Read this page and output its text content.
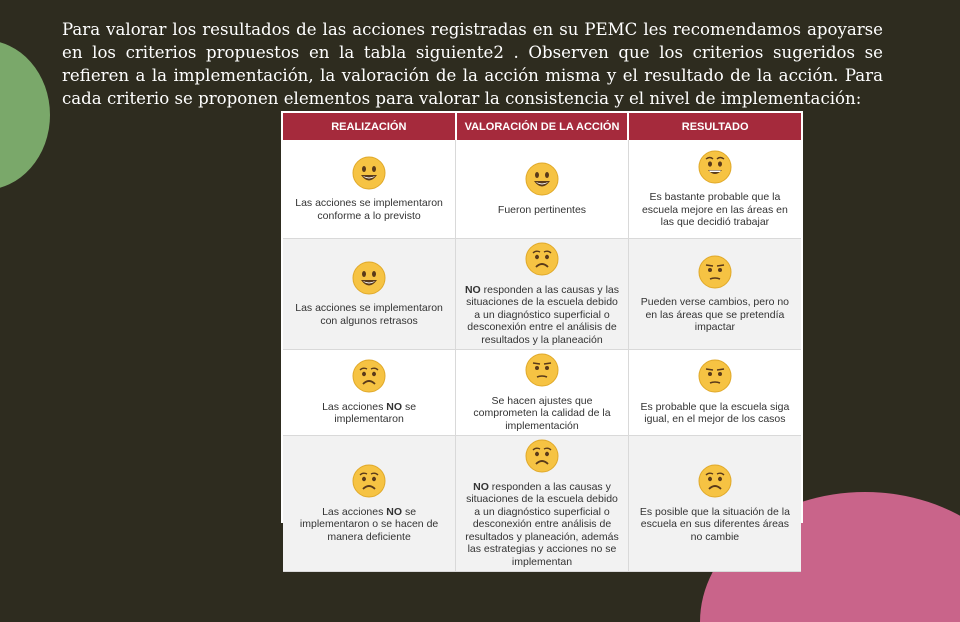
Para valorar los resultados de las acciones registradas en su PEMC les recomendamos apoyarse en los criterios propuestos en la tabla siguiente2 . Observen que los criterios sugeridos se refieren a la implementación, la valoración de la acción misma y el resultado de la acción. Para cada criterio se proponen elementos para valorar la consistencia y el nivel de implementación:

REALIZACIÓN	VALORACIÓN DE LA ACCIÓN	RESULTADO

Las acciones se implementaron conforme a lo previsto	Fueron pertinentes	Es bastante probable que la escuela mejore en las áreas en las que decidió trabajar

Las acciones se implementaron con algunos retrasos	NO responden a las causas y las situaciones de la escuela debido a un diagnóstico superficial o desconexión entre el análisis de resultados y la planeación	Pueden verse cambios, pero no en las áreas que se pretendía impactar

Las acciones NO se implementaron	Se hacen ajustes que comprometen la calidad de la implementación	Es probable que la escuela siga igual, en el mejor de los casos

Las acciones NO se implementaron o se hacen de manera deficiente	NO responden a las causas y situaciones de la escuela debido a un diagnóstico superficial o desconexión entre análisis de resultados y planeación, además las estrategias y acciones no se implementan	Es posible que la situación de la escuela en sus diferentes áreas no cambie
